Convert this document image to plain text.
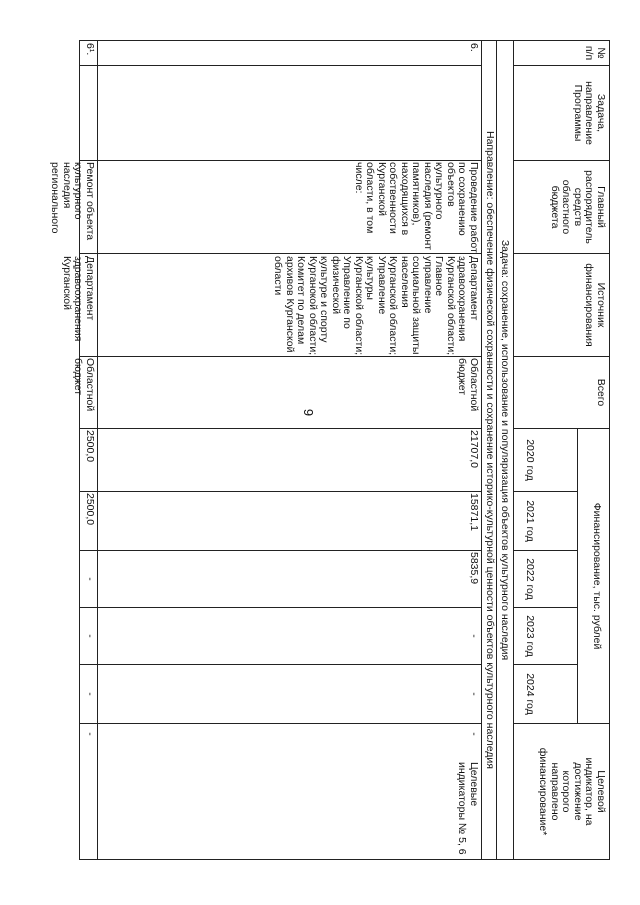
9
№
п/п
Задача, направление
Программы
Главный
распорядитель
средств
областного
бюджета
Источник
финансирования
Всего
Финансирование, тыс. рублей
2020 год
2021 год
2022 год
2023 год
2024 год
Целевой
индикатор, на
достижение
которого
направлено
финансирование*
Задача: сохранение, использование и популяризация объектов культурного наследия
Направление: обеспечение физической сохранности и сохранение историко-культурной ценности объектов культурного наследия
6.
Проведение работ по сохранению объектов культурного наследия (ремонт памятников), находящихся в собственности Курганской области, в том числе:
Департамент здравоохранения Курганской области; Главное управление социальной защиты населения Курганской области; Управление культуры Курганской области; Управление по физической культуре и спорту Курганской области; Комитет по делам архивов Курганской области
Областной бюджет
21707,0
15871,1
5835,9
-
-
-
Целевые индикаторы № 5, 6
6¹.
Ремонт объекта культурного наследия регионального
Департамент здравоохранения Курганской
Областной бюджет
2500,0
2500,0
-
-
-
-
